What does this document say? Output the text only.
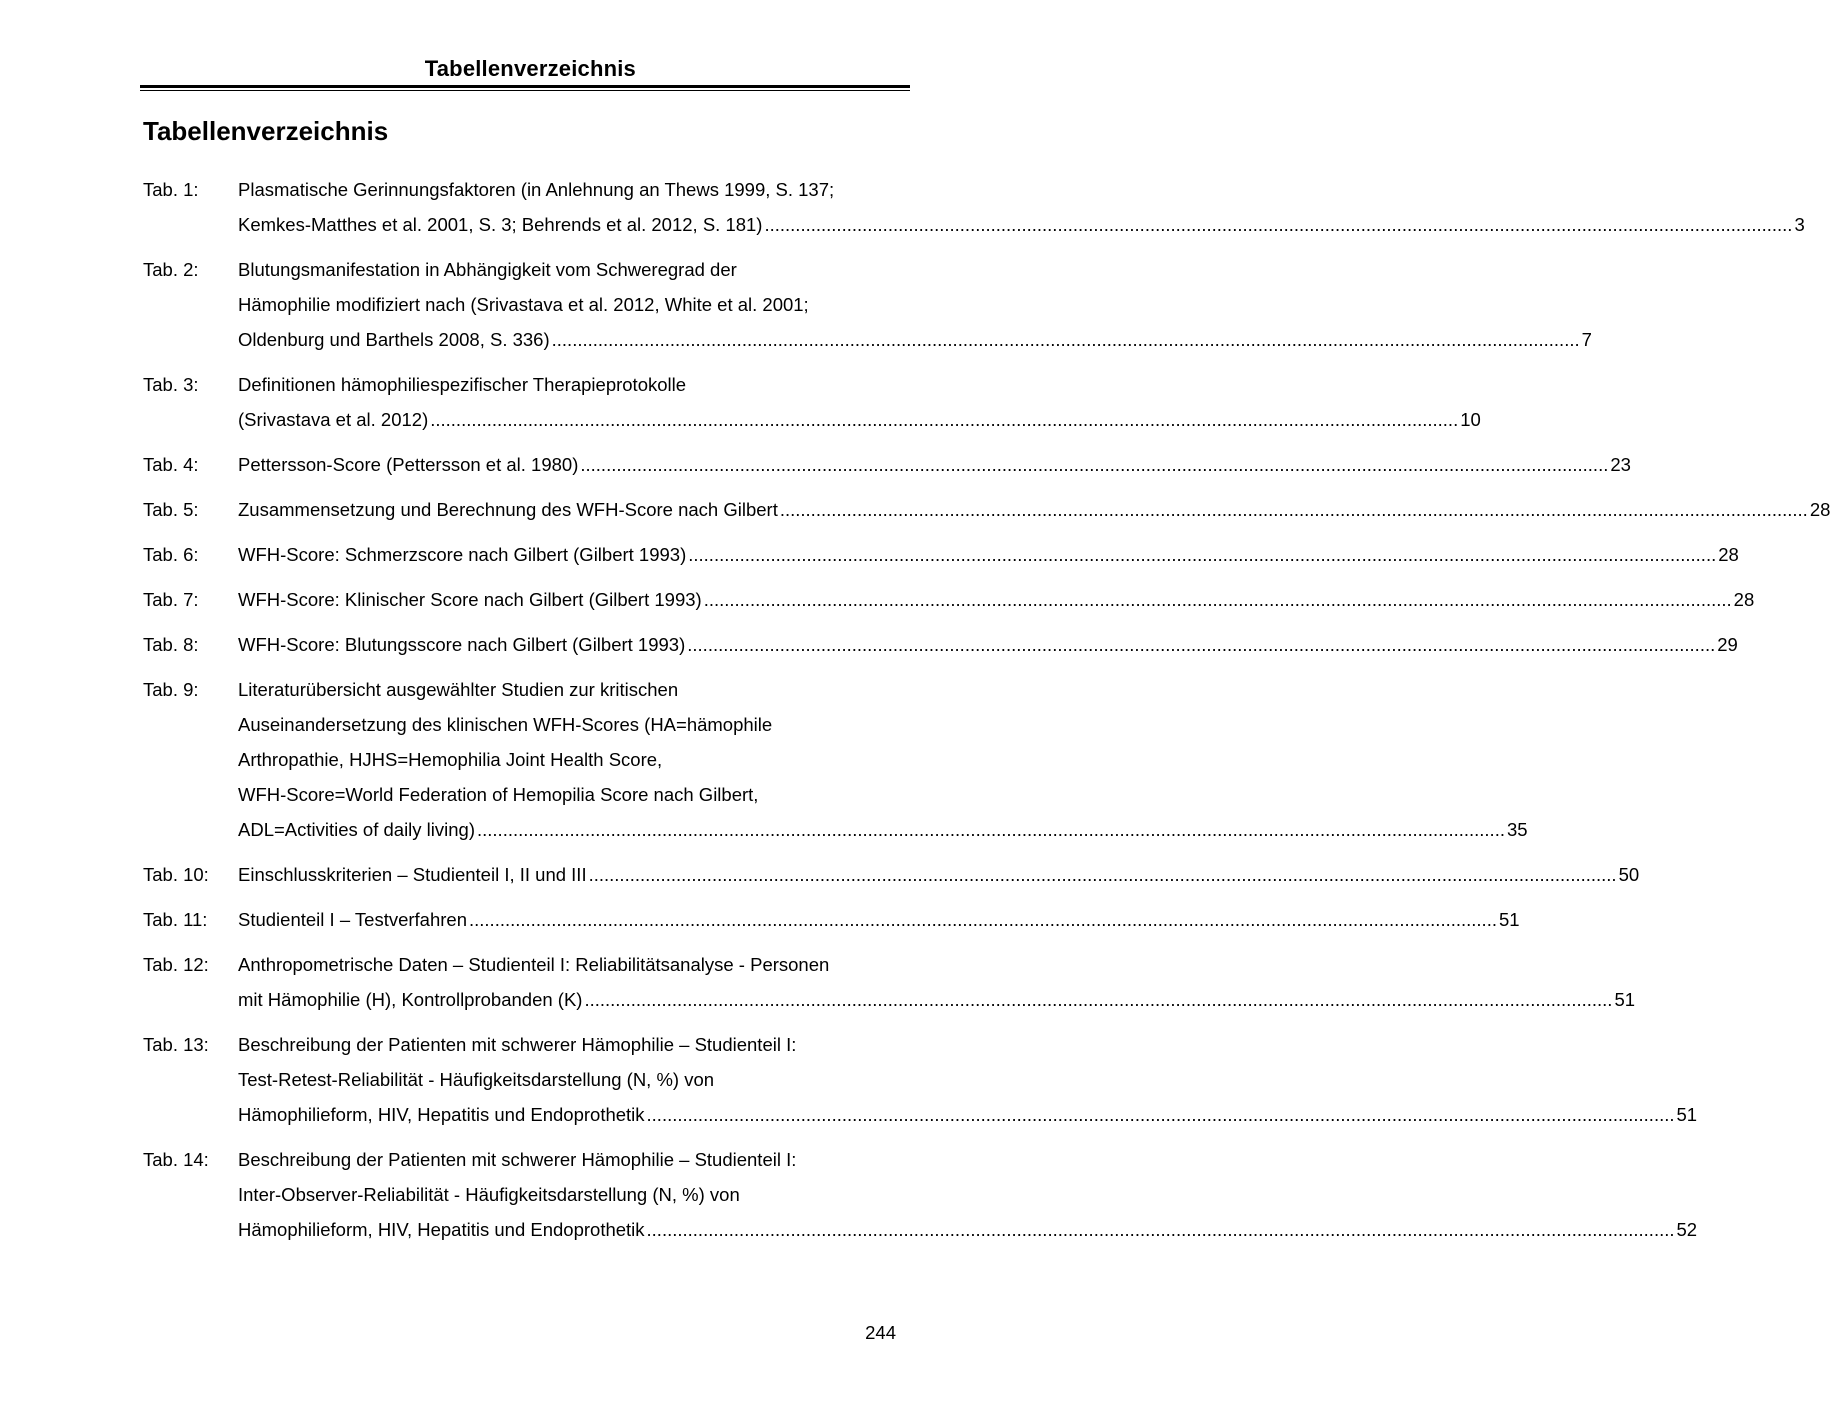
Tabellenverzeichnis
Tabellenverzeichnis
Tab. 1:	Plasmatische Gerinnungsfaktoren (in Anlehnung an Thews 1999, S. 137;
Kemkes-Matthes et al. 2001, S. 3; Behrends et al. 2012, S. 181) .....	3
Tab. 2:	Blutungsmanifestation in Abhängigkeit vom Schweregrad der
Hämophilie modifiziert nach (Srivastava et al. 2012, White et al. 2001;
Oldenburg und Barthels 2008, S. 336) .....	7
Tab. 3:	Definitionen hämophiliespezifischer Therapieprotokolle
(Srivastava et al. 2012) .....	10
Tab. 4:	Pettersson-Score (Pettersson et al. 1980) .....	23
Tab. 5:	Zusammensetzung und Berechnung des WFH-Score nach Gilbert .....	28
Tab. 6:	WFH-Score: Schmerzscore nach Gilbert (Gilbert 1993) .....	28
Tab. 7:	WFH-Score: Klinischer Score nach Gilbert (Gilbert 1993) .....	28
Tab. 8:	WFH-Score: Blutungsscore nach Gilbert (Gilbert 1993) .....	29
Tab. 9:	Literaturübersicht ausgewählter Studien zur kritischen
Auseinandersetzung des klinischen WFH-Scores (HA=hämophile
Arthropathie, HJHS=Hemophilia Joint Health Score,
WFH-Score=World Federation of Hemopilia Score nach Gilbert,
ADL=Activities of daily living) .....	35
Tab. 10:	Einschlusskriterien – Studienteil I, II und III .....	50
Tab. 11:	Studienteil I – Testverfahren .....	51
Tab. 12:	Anthropometrische Daten – Studienteil I: Reliabilitätsanalyse - Personen
mit Hämophilie (H), Kontrollprobanden (K) .....	51
Tab. 13:	Beschreibung der Patienten mit schwerer Hämophilie – Studienteil I:
Test-Retest-Reliabilität - Häufigkeitsdarstellung (N, %) von
Hämophilieform, HIV, Hepatitis und Endoprothetik .....	51
Tab. 14:	Beschreibung der Patienten mit schwerer Hämophilie – Studienteil I:
Inter-Observer-Reliabilität - Häufigkeitsdarstellung (N, %) von
Hämophilieform, HIV, Hepatitis und Endoprothetik .....	52
244
